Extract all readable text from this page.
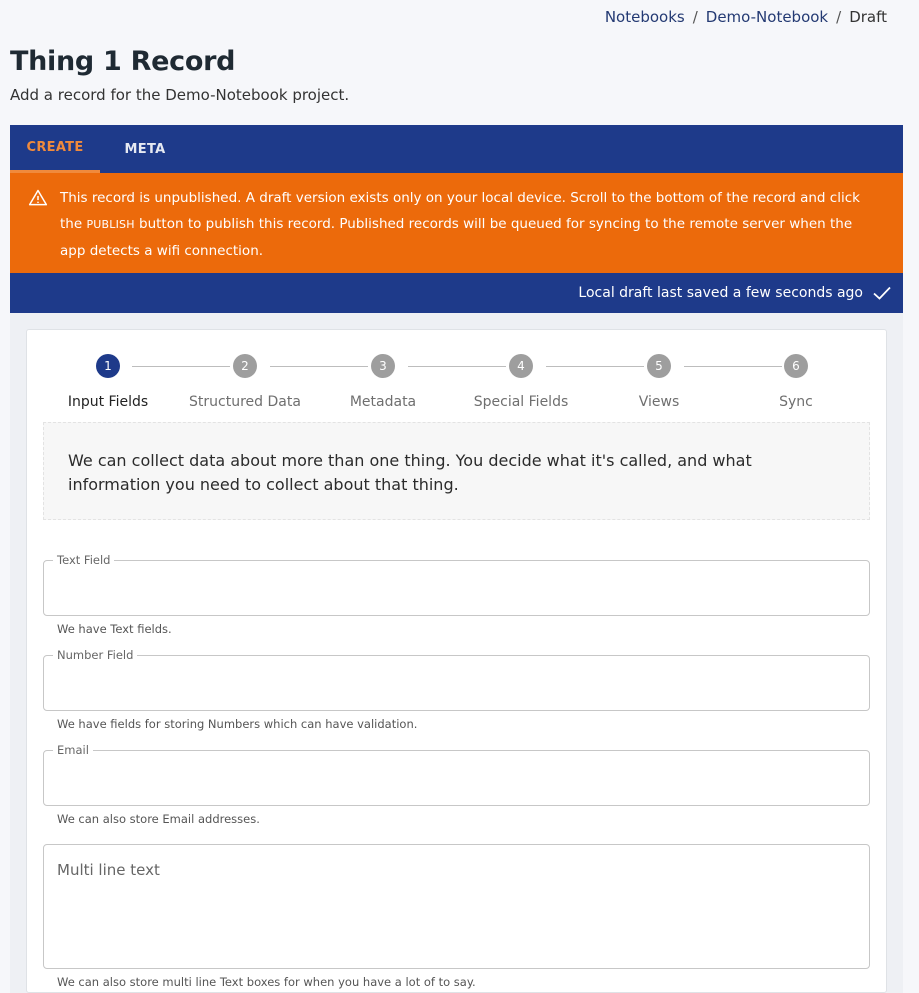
Notebooks / Demo-Notebook / Draft
Thing 1 Record
Add a record for the Demo-Notebook project.
CREATE	META
This record is unpublished. A draft version exists only on your local device. Scroll to the bottom of the record and click the PUBLISH button to publish this record. Published records will be queued for syncing to the remote server when the app detects a wifi connection.
Local draft last saved a few seconds ago
1
Input Fields
2
Structured Data
3
Metadata
4
Special Fields
5
Views
6
Sync
We can collect data about more than one thing. You decide what it's called, and what information you need to collect about that thing.
Text Field
We have Text fields.
Number Field
We have fields for storing Numbers which can have validation.
Email
We can also store Email addresses.
Multi line text
We can also store multi line Text boxes for when you have a lot of to say.
